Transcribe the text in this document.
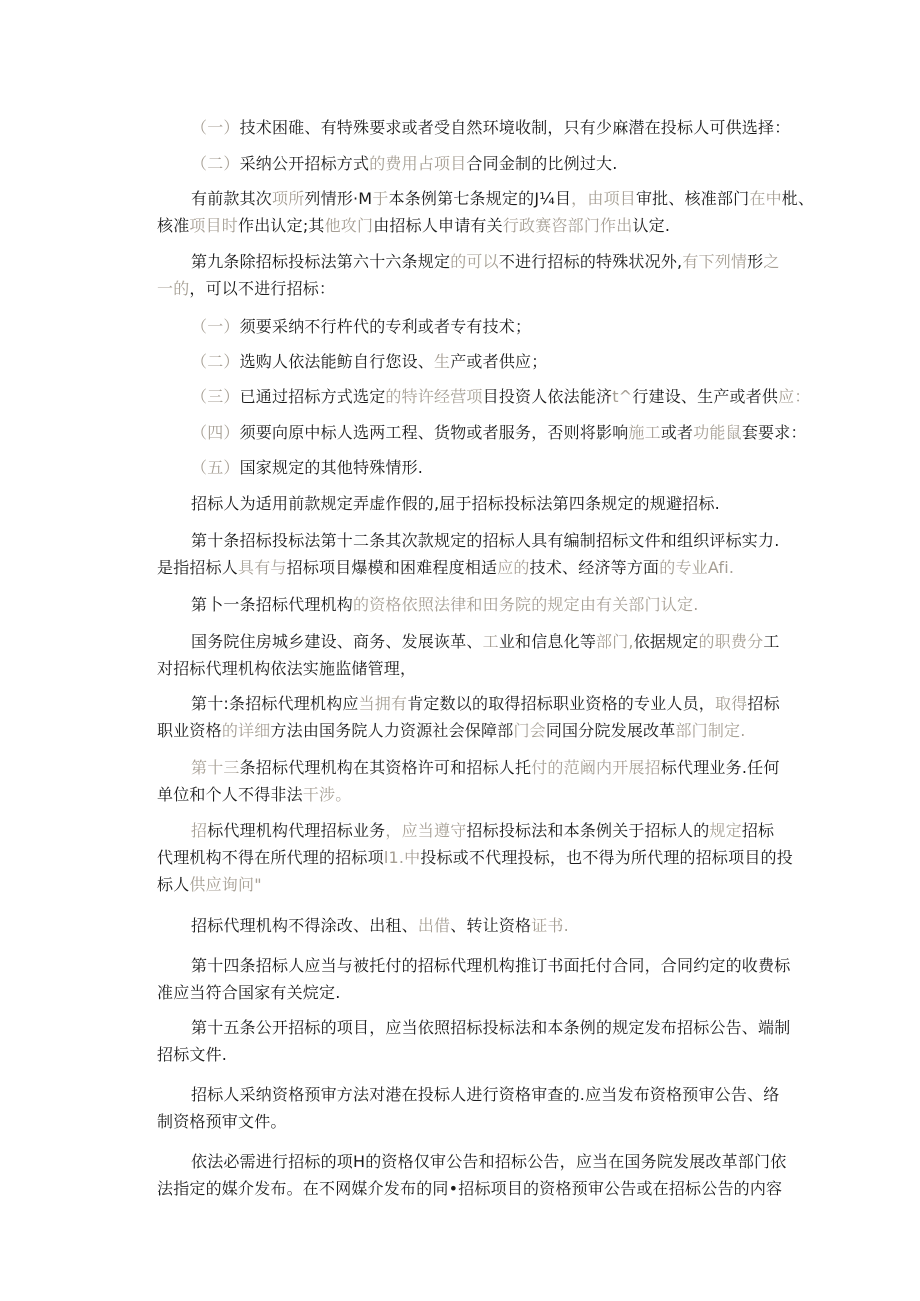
（一）技术困碓、有特殊要求或者受自然环境收制，只有少麻潜在投标人可供选择：
（二）采纳公开招标方式的费用占项目合同金制的比例过大.
有前款其次项所列情形·M于本条例第七条规定的J¼目，由项目审批、核准部门在中枇、
核准项目时作出认定;其他攻门由招标人申请有关行政赛咨部门作出认定.
第九条除招标投标法第六十六条规定的可以不进行招标的特殊状况外,有下列情形之
一的，可以不进行招标：
（一）须要采纳不行杵代的专利或者专有技术；
（二）选购人依法能鲂自行您设、生产或者供应；
（三）已通过招标方式选定的特许经营项目投资人依法能济t^行建设、生产或者供应：
（四）须要向原中标人选两工程、货物或者服务，否则将影响施工或者功能鼠套要求：
（五）国家规定的其他特殊情形.
招标人为适用前款规定弄虚作假的,屈于招标投标法第四条规定的规避招标.
第十条招标投标法第十二条其次款规定的招标人具有编制招标文件和组织评标实力.
是指招标人具有与招标项目爆模和困难程度相适应的技术、经济等方面的专业Afi.
第卜一条招标代理机构的资格依照法律和田务院的规定由有关部门认定.
国务院住房城乡建设、商务、发展诙革、工业和信息化等部门,依据规定的职费分工
对招标代理机构依法实施监储管理，
第十:条招标代理机构应当拥有肯定数以的取得招标职业资格的专业人员，取得招标
职业资格的详细方法由国务院人力资源社会保障部门会同国分院发展改革部门制定.
第十三条招标代理机构在其资格许可和招标人托付的范阚内开展招标代理业务.任何
单位和个人不得非法干涉。
招标代理机构代理招标业务，应当遵守招标投标法和本条例关于招标人的规定招标
代理机构不得在所代理的招标项l1.中投标或不代理投标，也不得为所代理的招标项目的投
标人供应询问"
招标代理机构不得涂改、出租、出借、转让资格证书.
第十四条招标人应当与被托付的招标代理机构推订书面托付合同，合同约定的收费标
准应当符合国家有关烷定.
第十五条公开招标的项目，应当依照招标投标法和本条例的规定发布招标公告、端制
招标文件.
招标人采纳资格预审方法对港在投标人进行资格审查的.应当发布资格预审公告、络
制资格预审文件。
依法必需进行招标的项H的资格仅审公告和招标公告，应当在国务院发展改革部门依
法指定的媒介发布。在不网媒介发布的同•招标项目的资格预审公告或在招标公告的内容
